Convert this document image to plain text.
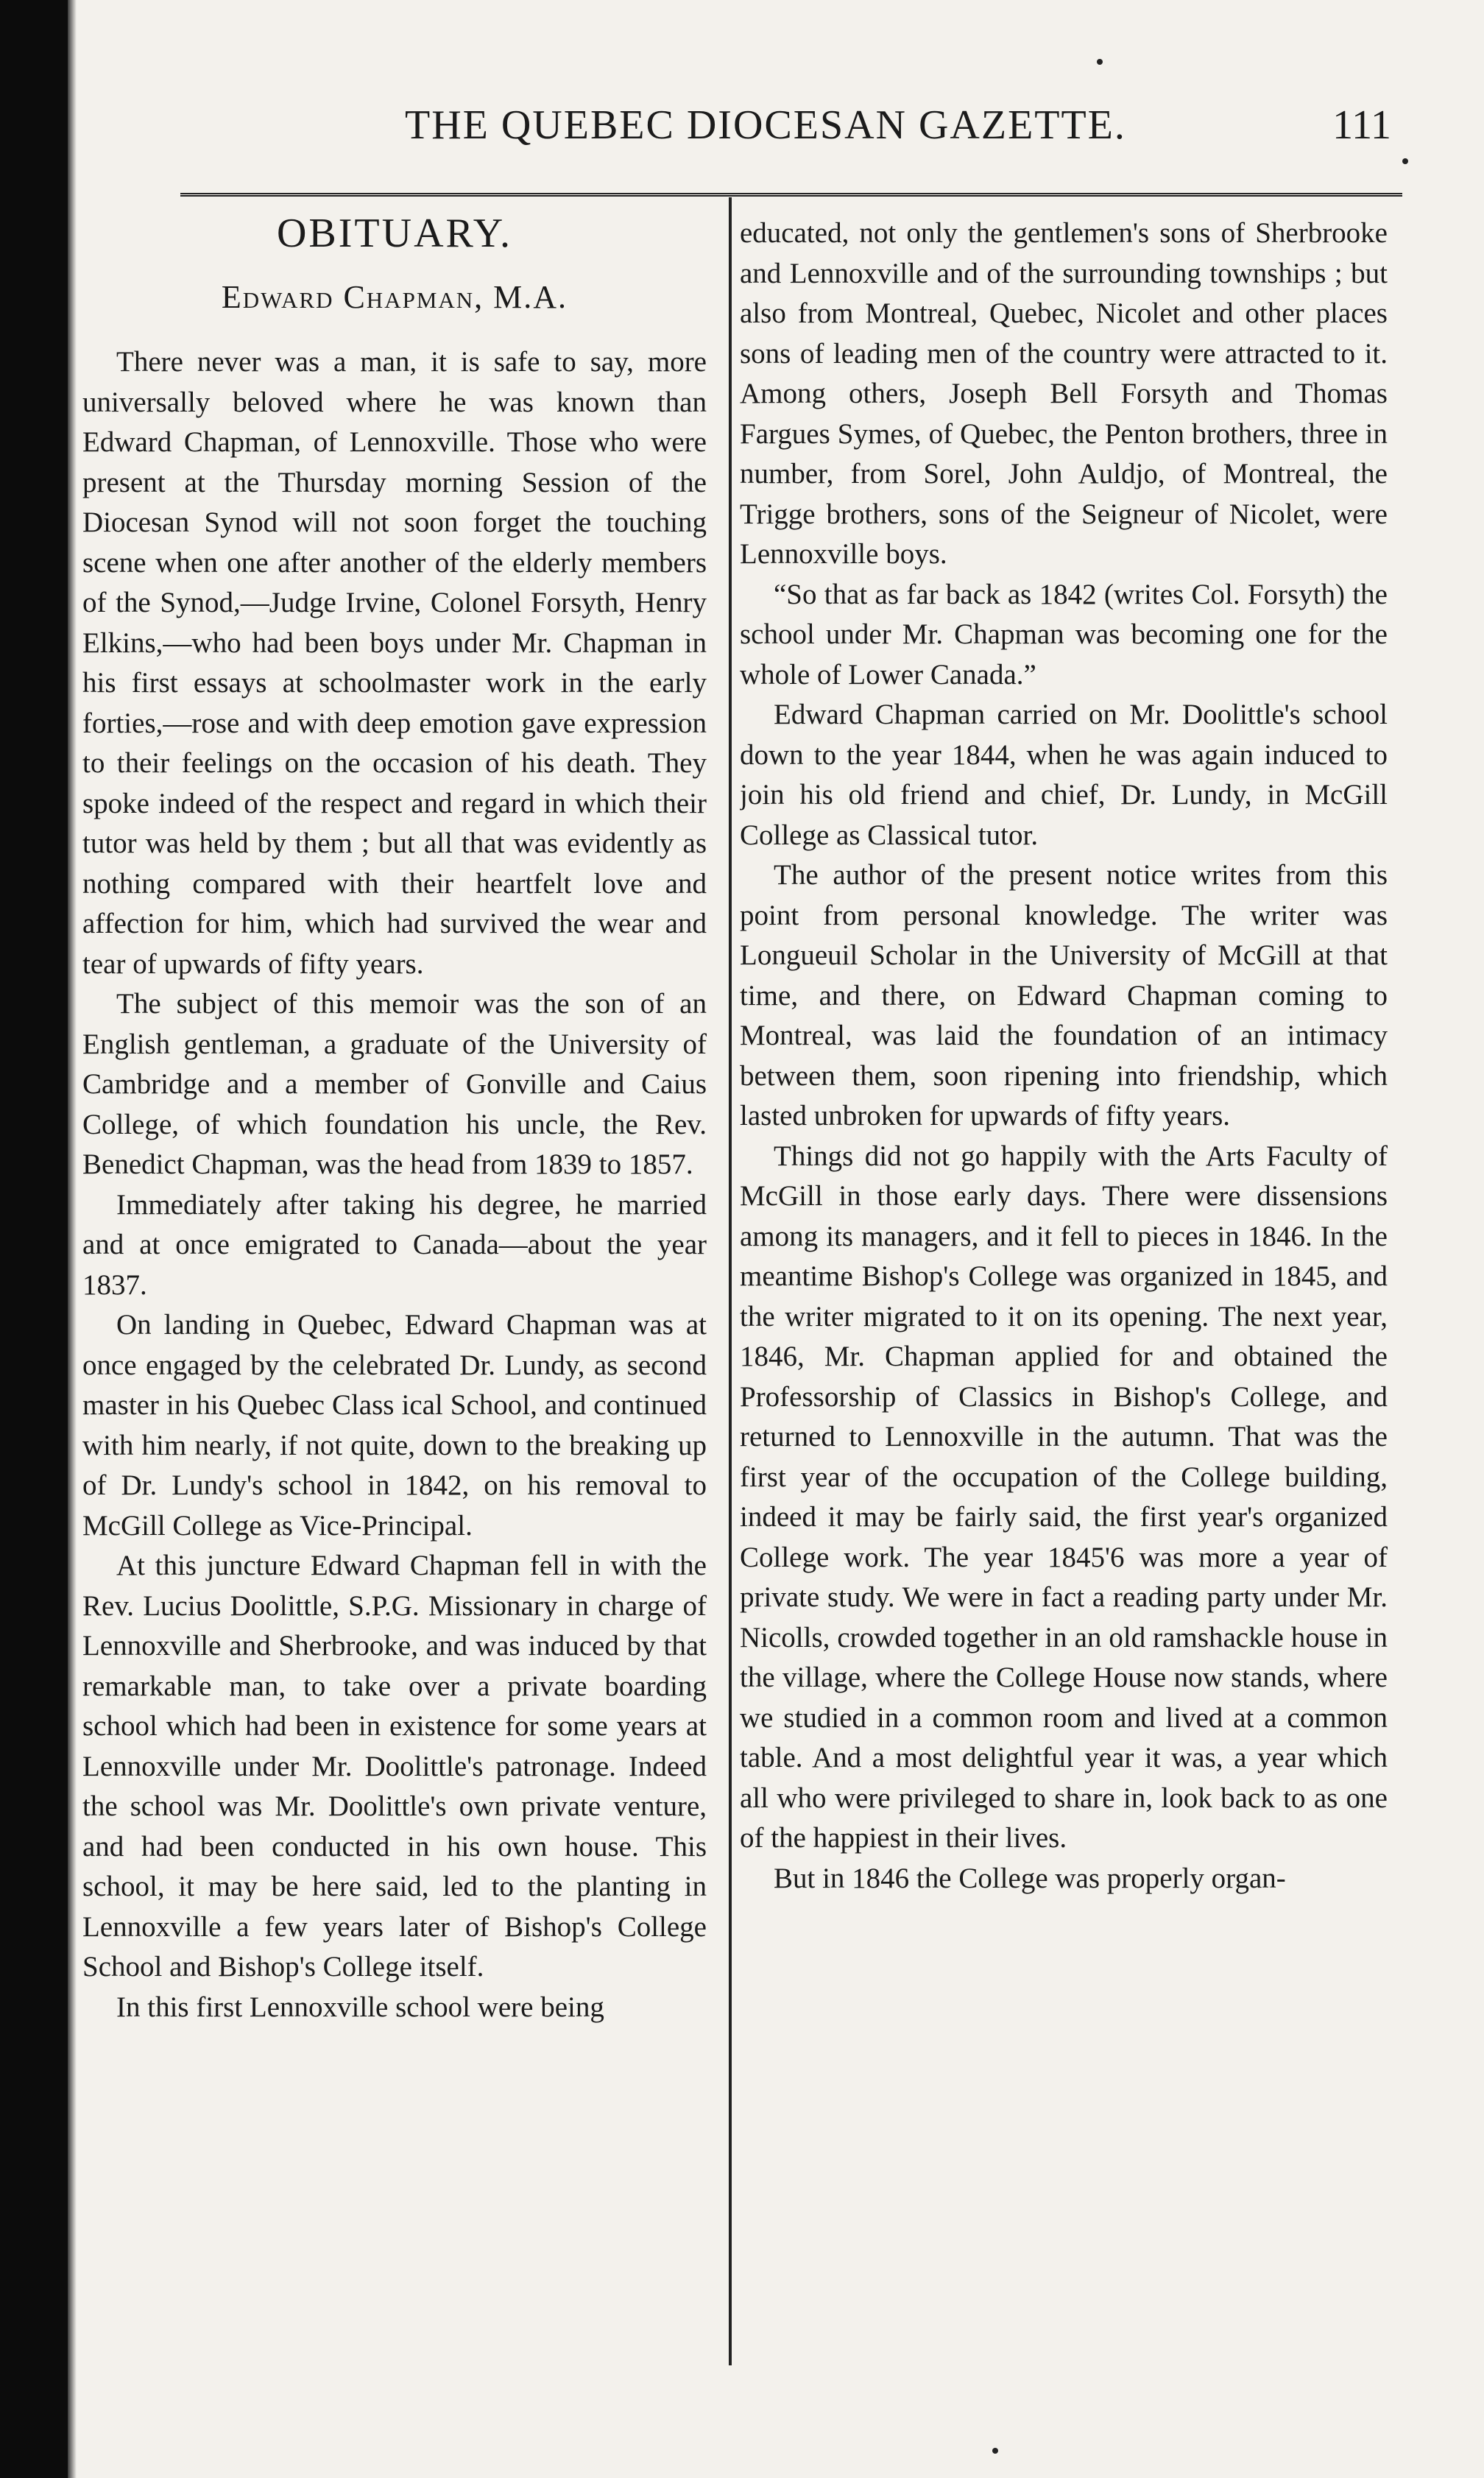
THE QUEBEC DIOCESAN GAZETTE.	111
OBITUARY.
Edward Chapman, M.A.

There never was a man, it is safe to say, more universally beloved where he was known than Edward Chapman, of Lennoxville. Those who were present at the Thursday morning Session of the Diocesan Synod will not soon forget the touching scene when one after another of the elderly members of the Synod,—Judge Irvine, Colonel Forsyth, Henry Elkins,—who had been boys under Mr. Chapman in his first essays at schoolmaster work in the early forties,—rose and with deep emotion gave expression to their feelings on the occasion of his death. They spoke indeed of the respect and regard in which their tutor was held by them ; but all that was evidently as nothing compared with their heartfelt love and affection for him, which had survived the wear and tear of upwards of fifty years.

The subject of this memoir was the son of an English gentleman, a graduate of the University of Cambridge and a member of Gonville and Caius College, of which foundation his uncle, the Rev. Benedict Chapman, was the head from 1839 to 1857.

Immediately after taking his degree, he married and at once emigrated to Canada—about the year 1837.

On landing in Quebec, Edward Chapman was at once engaged by the celebrated Dr. Lundy, as second master in his Quebec Class ical School, and continued with him nearly, if not quite, down to the breaking up of Dr. Lundy's school in 1842, on his removal to McGill College as Vice-Principal.

At this juncture Edward Chapman fell in with the Rev. Lucius Doolittle, S.P.G. Missionary in charge of Lennoxville and Sherbrooke, and was induced by that remarkable man, to take over a private boarding school which had been in existence for some years at Lennoxville under Mr. Doolittle's patronage. Indeed the school was Mr. Doolittle's own private venture, and had been conducted in his own house. This school, it may be here said, led to the planting in Lennoxville a few years later of Bishop's College School and Bishop's College itself.

In this first Lennoxville school were being

educated, not only the gentlemen's sons of Sherbrooke and Lennoxville and of the surrounding townships ; but also from Montreal, Quebec, Nicolet and other places sons of leading men of the country were attracted to it. Among others, Joseph Bell Forsyth and Thomas Fargues Symes, of Quebec, the Penton brothers, three in number, from Sorel, John Auldjo, of Montreal, the Trigge brothers, sons of the Seigneur of Nicolet, were Lennoxville boys.

“So that as far back as 1842 (writes Col. Forsyth) the school under Mr. Chapman was becoming one for the whole of Lower Canada.”

Edward Chapman carried on Mr. Doolittle's school down to the year 1844, when he was again induced to join his old friend and chief, Dr. Lundy, in McGill College as Classical tutor.

The author of the present notice writes from this point from personal knowledge. The writer was Longueuil Scholar in the University of McGill at that time, and there, on Edward Chapman coming to Montreal, was laid the foundation of an intimacy between them, soon ripening into friendship, which lasted unbroken for upwards of fifty years.

Things did not go happily with the Arts Faculty of McGill in those early days. There were dissensions among its managers, and it fell to pieces in 1846. In the meantime Bishop's College was organized in 1845, and the writer migrated to it on its opening. The next year, 1846, Mr. Chapman applied for and obtained the Professorship of Classics in Bishop's College, and returned to Lennoxville in the autumn. That was the first year of the occupation of the College building, indeed it may be fairly said, the first year's organized College work. The year 1845'6 was more a year of private study. We were in fact a reading party under Mr. Nicolls, crowded together in an old ramshackle house in the village, where the College House now stands, where we studied in a common room and lived at a common table. And a most delightful year it was, a year which all who were privileged to share in, look back to as one of the happiest in their lives.

But in 1846 the College was properly organ-
